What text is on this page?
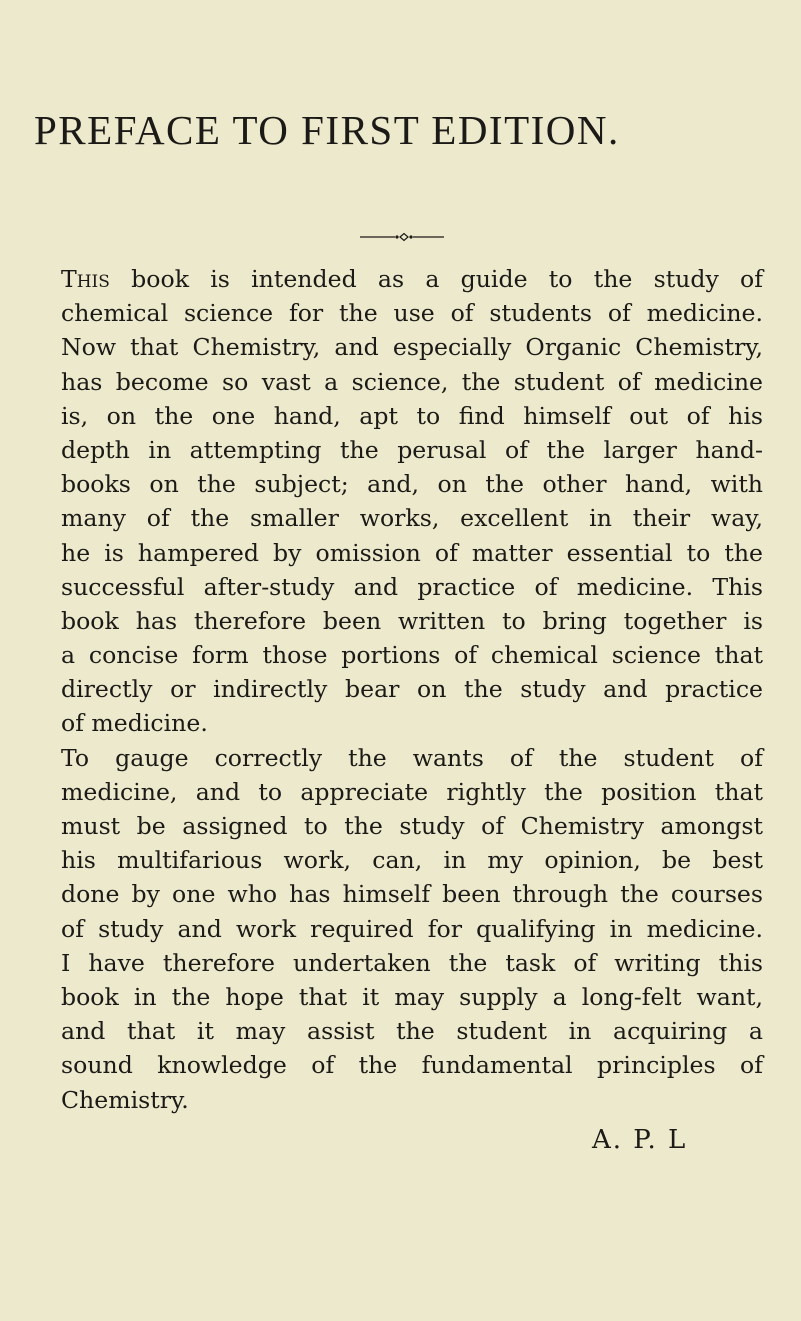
PREFACE TO FIRST EDITION.
This book is intended as a guide to the study of
chemical science for the use of students of medicine.
Now that Chemistry, and especially Organic Chemistry,
has become so vast a science, the student of medicine
is, on the one hand, apt to find himself out of his
depth in attempting the perusal of the larger hand-
books on the subject; and, on the other hand, with
many of the smaller works, excellent in their way,
he is hampered by omission of matter essential to the
successful after-study and practice of medicine. This
book has therefore been written to bring together is
a concise form those portions of chemical science that
directly or indirectly bear on the study and practice
of medicine.
To gauge correctly the wants of the student of
medicine, and to appreciate rightly the position that
must be assigned to the study of Chemistry amongst
his multifarious work, can, in my opinion, be best
done by one who has himself been through the courses
of study and work required for qualifying in medicine.
I have therefore undertaken the task of writing this
book in the hope that it may supply a long-felt want,
and that it may assist the student in acquiring a
sound knowledge of the fundamental principles of
Chemistry.
A. P. L
